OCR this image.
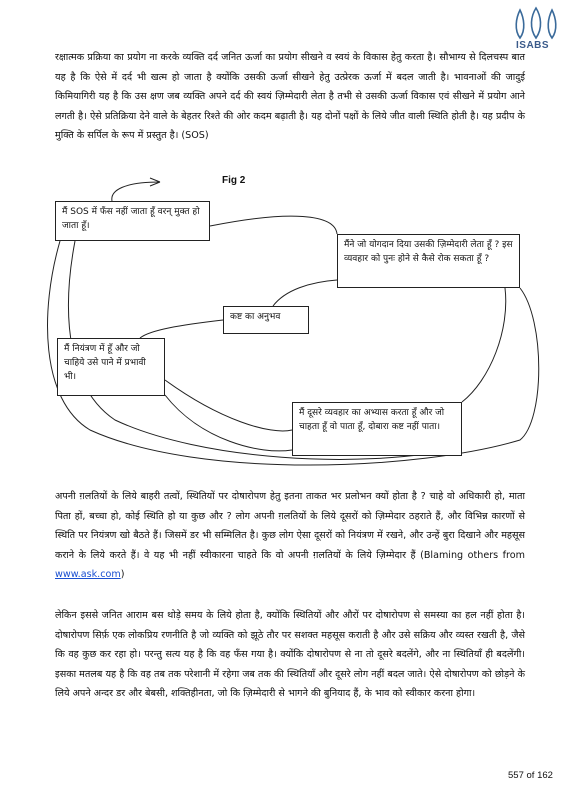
ISABS
रक्षात्मक प्रक्रिया का प्रयोग ना करके व्यक्ति दर्द जनित ऊर्जा का प्रयोग सीखने व स्वयं के विकास हेतु करता है। सौभाग्य से दिलचस्प बात यह है कि ऐसे में दर्द भी खत्म हो जाता है क्योंकि उसकी ऊर्जा सीखने हेतु उत्प्रेरक ऊर्जा में बदल जाती है। भावनाओं की जादुई किमियागिरी यह है कि उस क्षण जब व्यक्ति अपने दर्द की स्वयं ज़िम्मेदारी लेता है तभी से उसकी ऊर्जा विकास एवं सीखने में प्रयोग आने लगती है। ऐसे प्रतिक्रिया देने वाले के बेहतर रिश्ते की ओर कदम बढ़ाती है। यह दोनों पक्षों के लिये जीत वाली स्थिति होती है। यह प्रदीप के मुक्ति के सर्पिल के रूप में प्रस्तुत है। (SOS)
Fig 2
मैं SOS में फँस नहीं जाता हूँ वरन् मुक्त हो जाता हूँ।
मैंने जो योगदान दिया उसकी ज़िम्मेदारी लेता हूँ ? इस व्यवहार को पुनः होने से कैसे रोक सकता हूँ ?
कष्ट का अनुभव
मैं नियंत्रण में हूँ और जो चाहिये उसे पाने में प्रभावी भी।
मैं दूसरे व्यवहार का अभ्यास करता हूँ और जो चाहता हूँ वो पाता हूँ, दोबारा कष्ट नहीं पाता।
अपनी ग़लतियों के लिये बाहरी तत्वों, स्थितियों पर दोषारोपण हेतु इतना ताकत भर प्रलोभन क्यों होता है ? चाहे वो अधिकारी हो, माता पिता हों, बच्चा हो, कोई स्थिति हो या कुछ और ? लोग अपनी ग़लतियों के लिये दूसरों को ज़िम्मेदार ठहराते हैं, और विभिन्न कारणों से स्थिति पर नियंत्रण खो बैठते हैं। जिसमें डर भी सम्मिलित है। कुछ लोग ऐसा दूसरों को नियंत्रण में रखने, और उन्हें बुरा दिखाने और महसूस कराने के लिये करते हैं। वे यह भी नहीं स्वीकारना चाहते कि वो अपनी ग़लतियों के लिये ज़िम्मेदार हैं (Blaming others from www.ask.com)
लेकिन इससे जनित आराम बस थोड़े समय के लिये होता है, क्योंकि स्थितियों और औरों पर दोषारोपण से समस्या का हल नहीं होता है। दोषारोपण सिर्फ़ एक लोकप्रिय रणनीति है जो व्यक्ति को झूठे तौर पर सशक्त महसूस कराती है और उसे सक्रिय और व्यस्त रखती है, जैसे कि वह कुछ कर रहा हो। परन्तु सत्य यह है कि वह फँस गया है। क्योंकि दोषारोपण से ना तो दूसरे बदलेंगे, और ना स्थितियाँ ही बदलेंगी। इसका मतलब यह है कि वह तब तक परेशानी में रहेगा जब तक की स्थितियाँ और दूसरे लोग नहीं बदल जाते। ऐसे दोषारोपण को छोड़ने के लिये अपने अन्दर डर और बेबसी, शक्तिहीनता, जो कि ज़िम्मेदारी से भागने की बुनियाद हैं, के भाव को स्वीकार करना होगा।
557 of 162
